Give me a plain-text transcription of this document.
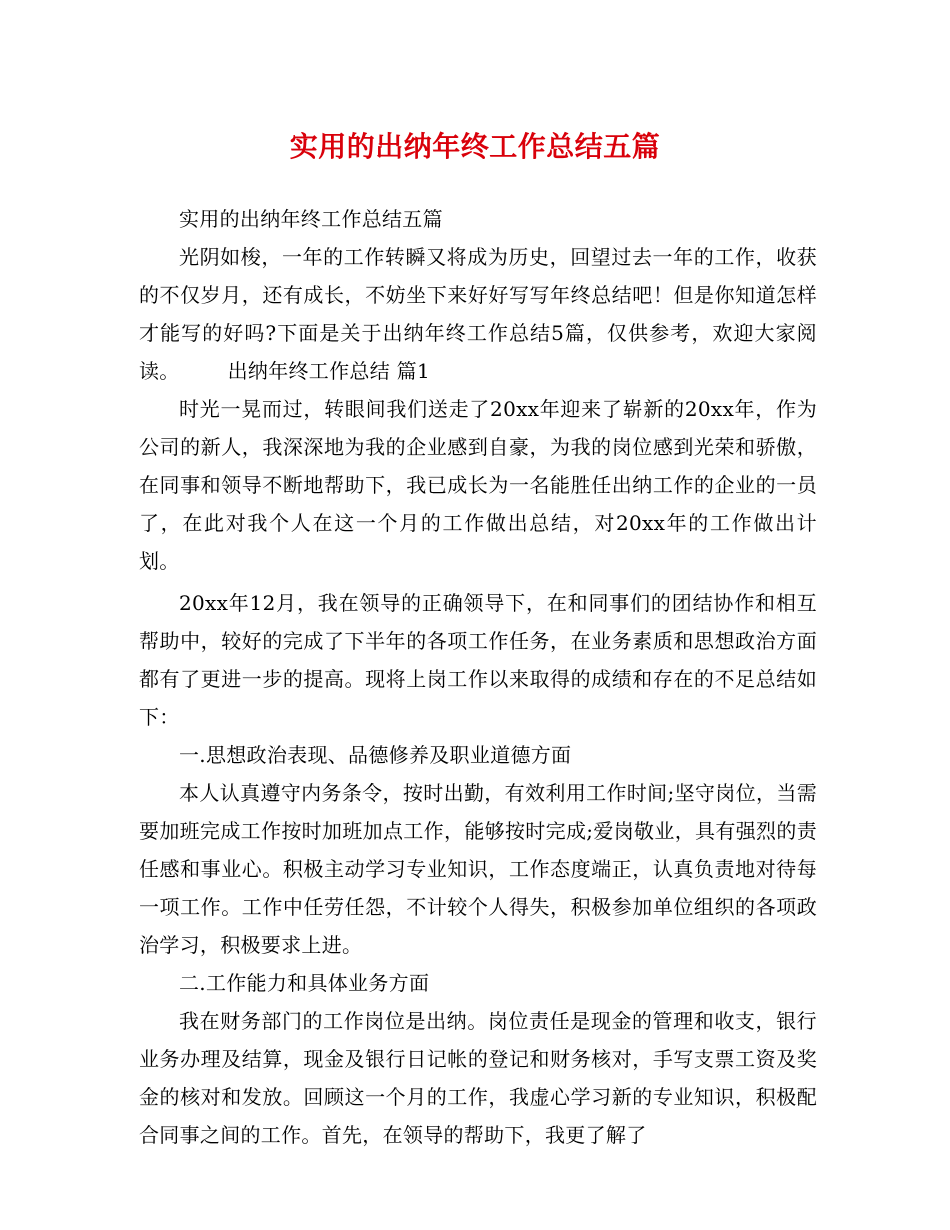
实用的出纳年终工作总结五篇

实用的出纳年终工作总结五篇

光阴如梭，一年的工作转瞬又将成为历史，回望过去一年的工作，收获的不仅岁月，还有成长，不妨坐下来好好写写年终总结吧！但是你知道怎样才能写的好吗?下面是关于出纳年终工作总结5篇，仅供参考，欢迎大家阅读。 出纳年终工作总结 篇1

时光一晃而过，转眼间我们送走了20xx年迎来了崭新的20xx年，作为公司的新人，我深深地为我的企业感到自豪，为我的岗位感到光荣和骄傲，在同事和领导不断地帮助下，我已成长为一名能胜任出纳工作的企业的一员了，在此对我个人在这一个月的工作做出总结，对20xx年的工作做出计划。

20xx年12月，我在领导的正确领导下，在和同事们的团结协作和相互帮助中，较好的完成了下半年的各项工作任务，在业务素质和思想政治方面都有了更进一步的提高。现将上岗工作以来取得的成绩和存在的不足总结如下：

一.思想政治表现、品德修养及职业道德方面

本人认真遵守内务条令，按时出勤，有效利用工作时间;坚守岗位，当需要加班完成工作按时加班加点工作，能够按时完成;爱岗敬业，具有强烈的责任感和事业心。积极主动学习专业知识，工作态度端正，认真负责地对待每一项工作。工作中任劳任怨，不计较个人得失，积极参加单位组织的各项政治学习，积极要求上进。

二.工作能力和具体业务方面

我在财务部门的工作岗位是出纳。岗位责任是现金的管理和收支，银行业务办理及结算，现金及银行日记帐的登记和财务核对，手写支票工资及奖金的核对和发放。回顾这一个月的工作，我虚心学习新的专业知识，积极配合同事之间的工作。首先，在领导的帮助下，我更了解了
